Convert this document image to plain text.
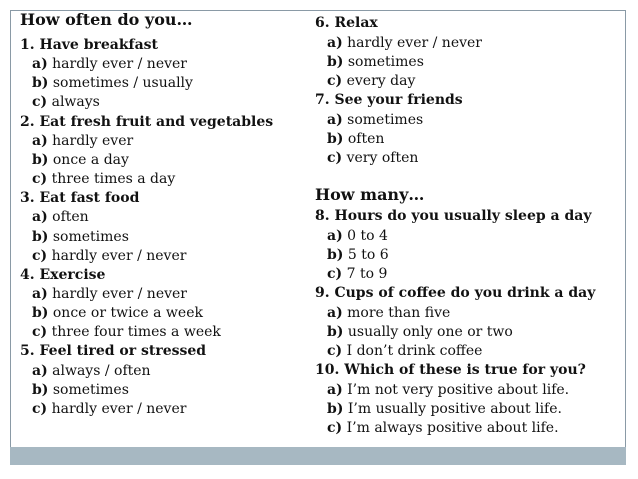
How often do you…
1. Have breakfast
a) hardly ever / never
b) sometimes / usually
c) always
2. Eat fresh fruit and vegetables
a) hardly ever
b) once a day
c) three times a day
3. Eat fast food
a) often
b) sometimes
c) hardly ever / never
4. Exercise
a) hardly ever / never
b) once or twice a week
c) three four times a week
5. Feel tired or stressed
a) always / often
b) sometimes
c) hardly ever / never
6. Relax
a) hardly ever / never
b) sometimes
c) every day
7. See your friends
a) sometimes
b) often
c) very often
How many…
8. Hours do you usually sleep a day
a) 0 to 4
b) 5 to 6
c) 7 to 9
9. Cups of coffee do you drink a day
a) more than five
b) usually only one or two
c) I don’t drink coffee
10. Which of these is true for you?
a) I’m not very positive about life.
b) I’m usually positive about life.
c) I’m always positive about life.
